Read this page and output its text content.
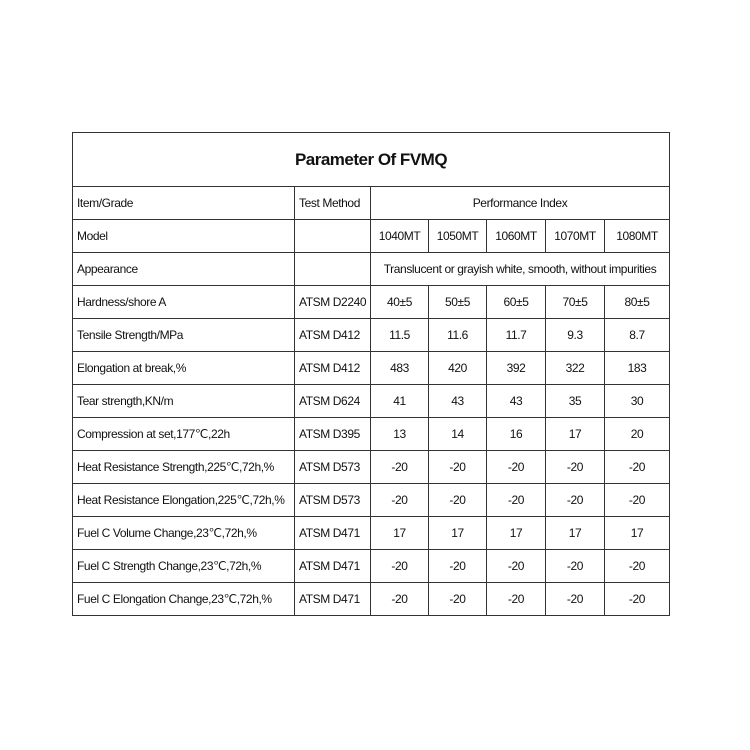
Parameter Of FVMQ						
Item/Grade	Test Method	Performance Index				
Model		1040MT	1050MT	1060MT	1070MT	1080MT
Appearance		Translucent or grayish white, smooth, without impurities				
Hardness/shore A	ATSM D2240	40±5	50±5	60±5	70±5	80±5
Tensile Strength/MPa	ATSM D412	11.5	11.6	11.7	9.3	8.7
Elongation at break,%	ATSM D412	483	420	392	322	183
Tear strength,KN/m	ATSM D624	41	43	43	35	30
Compression at set,177℃,22h	ATSM D395	13	14	16	17	20
Heat Resistance Strength,225℃,72h,%	ATSM D573	-20	-20	-20	-20	-20
Heat Resistance Elongation,225℃,72h,%	ATSM D573	-20	-20	-20	-20	-20
Fuel C Volume Change,23℃,72h,%	ATSM D471	17	17	17	17	17
Fuel C Strength Change,23℃,72h,%	ATSM D471	-20	-20	-20	-20	-20
Fuel C Elongation Change,23℃,72h,%	ATSM D471	-20	-20	-20	-20	-20
